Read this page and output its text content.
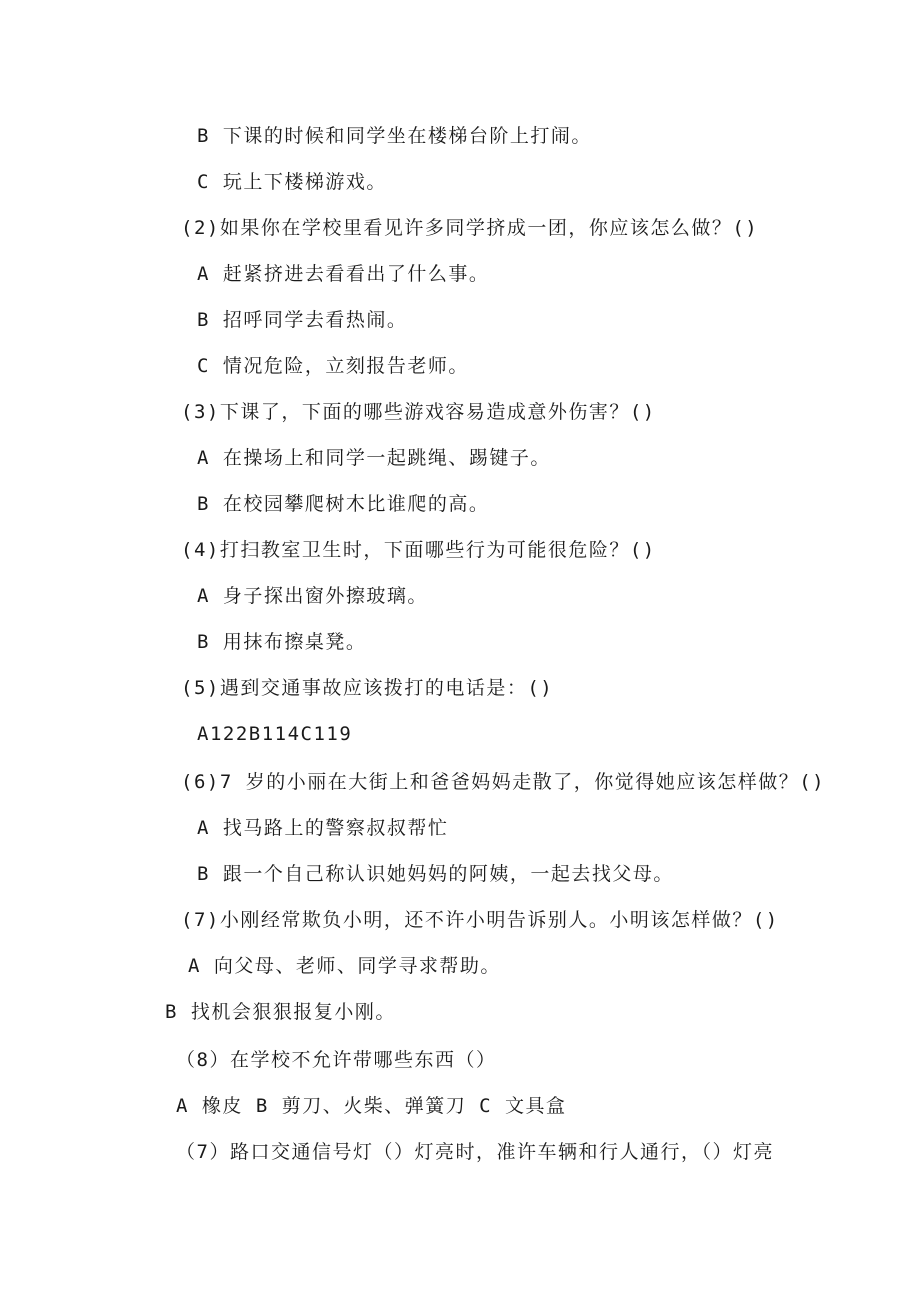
B 下课的时候和同学坐在楼梯台阶上打闹。
C 玩上下楼梯游戏。
(2)如果你在学校里看见许多同学挤成一团，你应该怎么做？()
A 赶紧挤进去看看出了什么事。
B 招呼同学去看热闹。
C 情况危险，立刻报告老师。
(3)下课了，下面的哪些游戏容易造成意外伤害？()
A 在操场上和同学一起跳绳、踢键子。
B 在校园攀爬树木比谁爬的高。
(4)打扫教室卫生时，下面哪些行为可能很危险？()
A 身子探出窗外擦玻璃。
B 用抹布擦桌凳。
(5)遇到交通事故应该拨打的电话是：()
A122B114C119
(6)7 岁的小丽在大街上和爸爸妈妈走散了，你觉得她应该怎样做？()
A 找马路上的警察叔叔帮忙
B 跟一个自己称认识她妈妈的阿姨，一起去找父母。
(7)小刚经常欺负小明，还不许小明告诉别人。小明该怎样做？()
A 向父母、老师、同学寻求帮助。
B 找机会狠狠报复小刚。
（8）在学校不允许带哪些东西（）
A 橡皮 B 剪刀、火柴、弹簧刀 C 文具盒
（7）路口交通信号灯（）灯亮时，准许车辆和行人通行，（）灯亮
